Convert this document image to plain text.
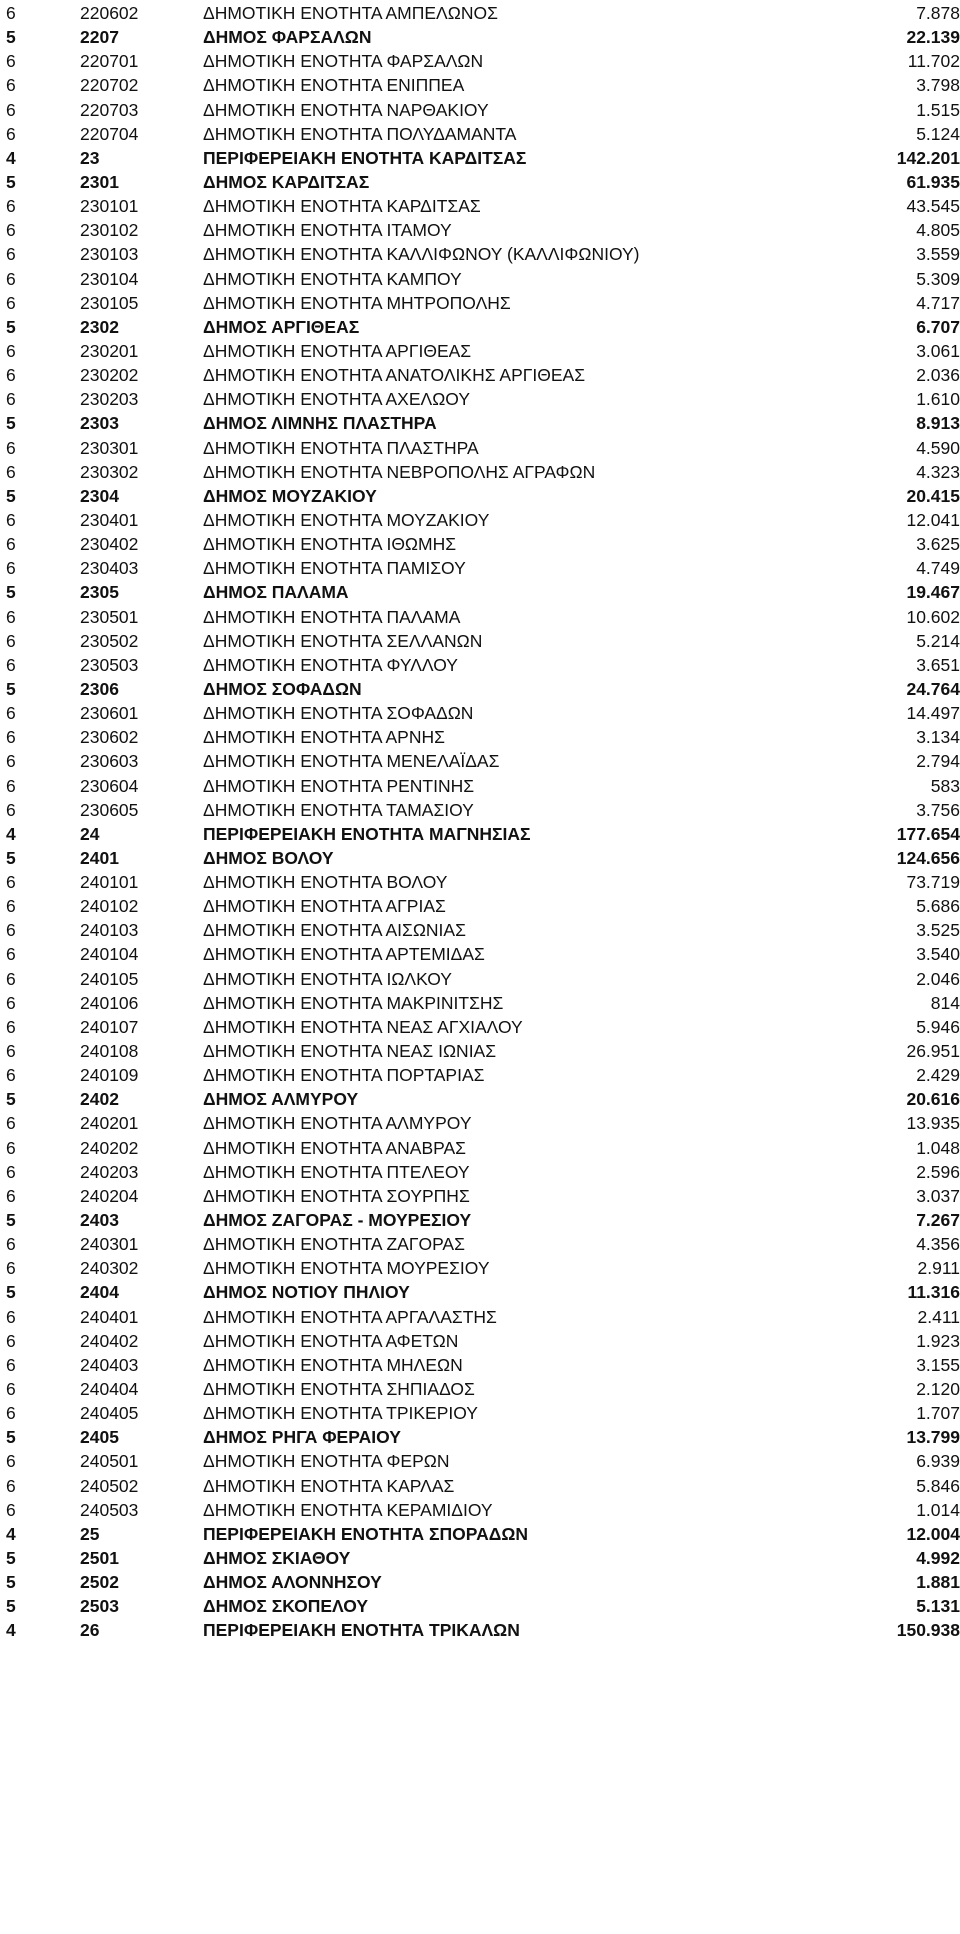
6	220602	ΔΗΜΟΤΙΚΗ ΕΝΟΤΗΤΑ ΑΜΠΕΛΩΝΟΣ	7.878
5	2207	ΔΗΜΟΣ ΦΑΡΣΑΛΩΝ	22.139
6	220701	ΔΗΜΟΤΙΚΗ ΕΝΟΤΗΤΑ ΦΑΡΣΑΛΩΝ	11.702
6	220702	ΔΗΜΟΤΙΚΗ ΕΝΟΤΗΤΑ ΕΝΙΠΠΕΑ	3.798
6	220703	ΔΗΜΟΤΙΚΗ ΕΝΟΤΗΤΑ ΝΑΡΘΑΚΙΟΥ	1.515
6	220704	ΔΗΜΟΤΙΚΗ ΕΝΟΤΗΤΑ ΠΟΛΥΔΑΜΑΝΤΑ	5.124
4	23	ΠΕΡΙΦΕΡΕΙΑΚΗ ΕΝΟΤΗΤΑ ΚΑΡΔΙΤΣΑΣ	142.201
5	2301	ΔΗΜΟΣ ΚΑΡΔΙΤΣΑΣ	61.935
6	230101	ΔΗΜΟΤΙΚΗ ΕΝΟΤΗΤΑ ΚΑΡΔΙΤΣΑΣ	43.545
6	230102	ΔΗΜΟΤΙΚΗ ΕΝΟΤΗΤΑ ΙΤΑΜΟΥ	4.805
6	230103	ΔΗΜΟΤΙΚΗ ΕΝΟΤΗΤΑ ΚΑΛΛΙΦΩΝΟΥ (ΚΑΛΛΙΦΩΝΙΟΥ)	3.559
6	230104	ΔΗΜΟΤΙΚΗ ΕΝΟΤΗΤΑ ΚΑΜΠΟΥ	5.309
6	230105	ΔΗΜΟΤΙΚΗ ΕΝΟΤΗΤΑ ΜΗΤΡΟΠΟΛΗΣ	4.717
5	2302	ΔΗΜΟΣ ΑΡΓΙΘΕΑΣ	6.707
6	230201	ΔΗΜΟΤΙΚΗ ΕΝΟΤΗΤΑ ΑΡΓΙΘΕΑΣ	3.061
6	230202	ΔΗΜΟΤΙΚΗ ΕΝΟΤΗΤΑ ΑΝΑΤΟΛΙΚΗΣ ΑΡΓΙΘΕΑΣ	2.036
6	230203	ΔΗΜΟΤΙΚΗ ΕΝΟΤΗΤΑ ΑΧΕΛΩΟΥ	1.610
5	2303	ΔΗΜΟΣ ΛΙΜΝΗΣ ΠΛΑΣΤΗΡΑ	8.913
6	230301	ΔΗΜΟΤΙΚΗ ΕΝΟΤΗΤΑ ΠΛΑΣΤΗΡΑ	4.590
6	230302	ΔΗΜΟΤΙΚΗ ΕΝΟΤΗΤΑ ΝΕΒΡΟΠΟΛΗΣ ΑΓΡΑΦΩΝ	4.323
5	2304	ΔΗΜΟΣ ΜΟΥΖΑΚΙΟΥ	20.415
6	230401	ΔΗΜΟΤΙΚΗ ΕΝΟΤΗΤΑ ΜΟΥΖΑΚΙΟΥ	12.041
6	230402	ΔΗΜΟΤΙΚΗ ΕΝΟΤΗΤΑ ΙΘΩΜΗΣ	3.625
6	230403	ΔΗΜΟΤΙΚΗ ΕΝΟΤΗΤΑ ΠΑΜΙΣΟΥ	4.749
5	2305	ΔΗΜΟΣ ΠΑΛΑΜΑ	19.467
6	230501	ΔΗΜΟΤΙΚΗ ΕΝΟΤΗΤΑ ΠΑΛΑΜΑ	10.602
6	230502	ΔΗΜΟΤΙΚΗ ΕΝΟΤΗΤΑ ΣΕΛΛΑΝΩΝ	5.214
6	230503	ΔΗΜΟΤΙΚΗ ΕΝΟΤΗΤΑ ΦΥΛΛΟΥ	3.651
5	2306	ΔΗΜΟΣ ΣΟΦΑΔΩΝ	24.764
6	230601	ΔΗΜΟΤΙΚΗ ΕΝΟΤΗΤΑ ΣΟΦΑΔΩΝ	14.497
6	230602	ΔΗΜΟΤΙΚΗ ΕΝΟΤΗΤΑ ΑΡΝΗΣ	3.134
6	230603	ΔΗΜΟΤΙΚΗ ΕΝΟΤΗΤΑ ΜΕΝΕΛΑΪΔΑΣ	2.794
6	230604	ΔΗΜΟΤΙΚΗ ΕΝΟΤΗΤΑ ΡΕΝΤΙΝΗΣ	583
6	230605	ΔΗΜΟΤΙΚΗ ΕΝΟΤΗΤΑ ΤΑΜΑΣΙΟΥ	3.756
4	24	ΠΕΡΙΦΕΡΕΙΑΚΗ ΕΝΟΤΗΤΑ ΜΑΓΝΗΣΙΑΣ	177.654
5	2401	ΔΗΜΟΣ ΒΟΛΟΥ	124.656
6	240101	ΔΗΜΟΤΙΚΗ ΕΝΟΤΗΤΑ ΒΟΛΟΥ	73.719
6	240102	ΔΗΜΟΤΙΚΗ ΕΝΟΤΗΤΑ ΑΓΡΙΑΣ	5.686
6	240103	ΔΗΜΟΤΙΚΗ ΕΝΟΤΗΤΑ ΑΙΣΩΝΙΑΣ	3.525
6	240104	ΔΗΜΟΤΙΚΗ ΕΝΟΤΗΤΑ ΑΡΤΕΜΙΔΑΣ	3.540
6	240105	ΔΗΜΟΤΙΚΗ ΕΝΟΤΗΤΑ ΙΩΛΚΟΥ	2.046
6	240106	ΔΗΜΟΤΙΚΗ ΕΝΟΤΗΤΑ ΜΑΚΡΙΝΙΤΣΗΣ	814
6	240107	ΔΗΜΟΤΙΚΗ ΕΝΟΤΗΤΑ ΝΕΑΣ ΑΓΧΙΑΛΟΥ	5.946
6	240108	ΔΗΜΟΤΙΚΗ ΕΝΟΤΗΤΑ ΝΕΑΣ ΙΩΝΙΑΣ	26.951
6	240109	ΔΗΜΟΤΙΚΗ ΕΝΟΤΗΤΑ ΠΟΡΤΑΡΙΑΣ	2.429
5	2402	ΔΗΜΟΣ ΑΛΜΥΡΟΥ	20.616
6	240201	ΔΗΜΟΤΙΚΗ ΕΝΟΤΗΤΑ ΑΛΜΥΡΟΥ	13.935
6	240202	ΔΗΜΟΤΙΚΗ ΕΝΟΤΗΤΑ ΑΝΑΒΡΑΣ	1.048
6	240203	ΔΗΜΟΤΙΚΗ ΕΝΟΤΗΤΑ ΠΤΕΛΕΟΥ	2.596
6	240204	ΔΗΜΟΤΙΚΗ ΕΝΟΤΗΤΑ ΣΟΥΡΠΗΣ	3.037
5	2403	ΔΗΜΟΣ ΖΑΓΟΡΑΣ - ΜΟΥΡΕΣΙΟΥ	7.267
6	240301	ΔΗΜΟΤΙΚΗ ΕΝΟΤΗΤΑ ΖΑΓΟΡΑΣ	4.356
6	240302	ΔΗΜΟΤΙΚΗ ΕΝΟΤΗΤΑ ΜΟΥΡΕΣΙΟΥ	2.911
5	2404	ΔΗΜΟΣ ΝΟΤΙΟΥ ΠΗΛΙΟΥ	11.316
6	240401	ΔΗΜΟΤΙΚΗ ΕΝΟΤΗΤΑ ΑΡΓΑΛΑΣΤΗΣ	2.411
6	240402	ΔΗΜΟΤΙΚΗ ΕΝΟΤΗΤΑ ΑΦΕΤΩΝ	1.923
6	240403	ΔΗΜΟΤΙΚΗ ΕΝΟΤΗΤΑ ΜΗΛΕΩΝ	3.155
6	240404	ΔΗΜΟΤΙΚΗ ΕΝΟΤΗΤΑ ΣΗΠΙΑΔΟΣ	2.120
6	240405	ΔΗΜΟΤΙΚΗ ΕΝΟΤΗΤΑ ΤΡΙΚΕΡΙΟΥ	1.707
5	2405	ΔΗΜΟΣ ΡΗΓΑ ΦΕΡΑΙΟΥ	13.799
6	240501	ΔΗΜΟΤΙΚΗ ΕΝΟΤΗΤΑ ΦΕΡΩΝ	6.939
6	240502	ΔΗΜΟΤΙΚΗ ΕΝΟΤΗΤΑ ΚΑΡΛΑΣ	5.846
6	240503	ΔΗΜΟΤΙΚΗ ΕΝΟΤΗΤΑ ΚΕΡΑΜΙΔΙΟΥ	1.014
4	25	ΠΕΡΙΦΕΡΕΙΑΚΗ ΕΝΟΤΗΤΑ ΣΠΟΡΑΔΩΝ	12.004
5	2501	ΔΗΜΟΣ ΣΚΙΑΘΟΥ	4.992
5	2502	ΔΗΜΟΣ ΑΛΟΝΝΗΣΟΥ	1.881
5	2503	ΔΗΜΟΣ ΣΚΟΠΕΛΟΥ	5.131
4	26	ΠΕΡΙΦΕΡΕΙΑΚΗ ΕΝΟΤΗΤΑ ΤΡΙΚΑΛΩΝ	150.938
